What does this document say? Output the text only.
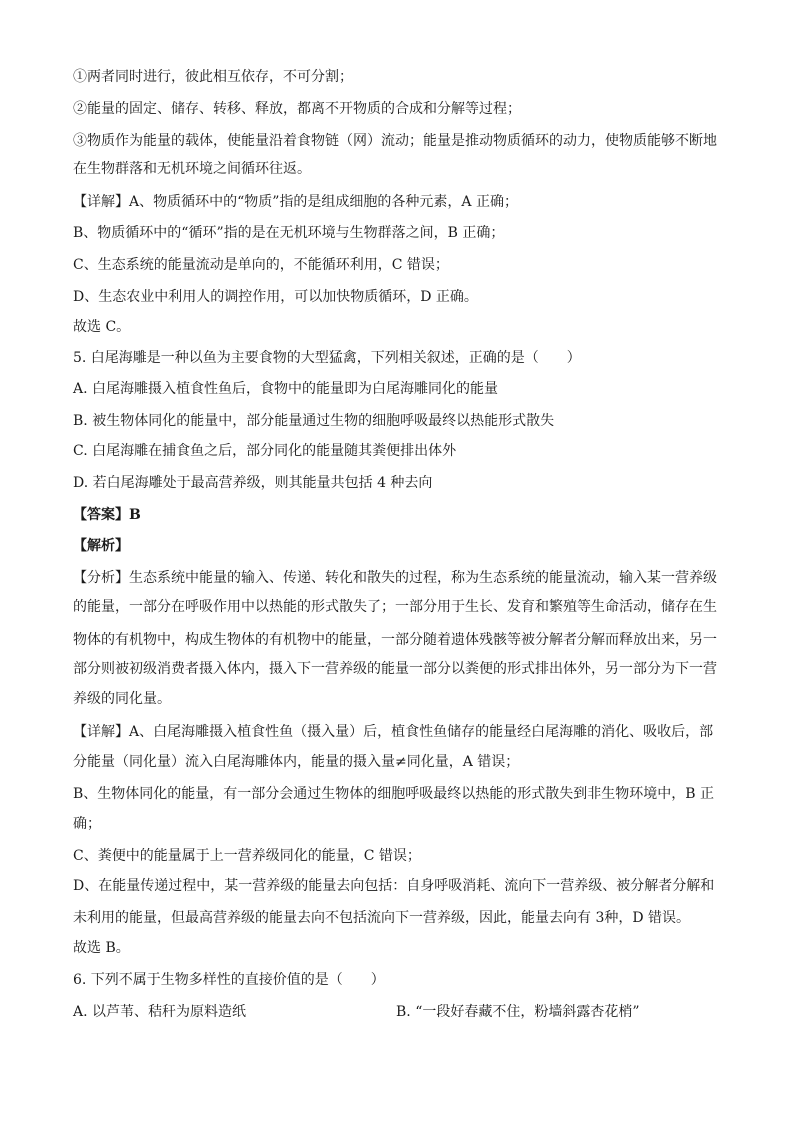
①两者同时进行，彼此相互依存，不可分割；
②能量的固定、储存、转移、释放，都离不开物质的合成和分解等过程；
③物质作为能量的载体，使能量沿着食物链（网）流动；能量是推动物质循环的动力，使物质能够不断地
在生物群落和无机环境之间循环往返。
【详解】A、物质循环中的“物质”指的是组成细胞的各种元素，A 正确；
B、物质循环中的“循环”指的是在无机环境与生物群落之间，B 正确；
C、生态系统的能量流动是单向的，不能循环利用，C 错误；
D、生态农业中利用人的调控作用，可以加快物质循环，D 正确。
故选 C。
5. 白尾海雕是一种以鱼为主要食物的大型猛禽，下列相关叙述，正确的是（　　）
A. 白尾海雕摄入植食性鱼后，食物中的能量即为白尾海雕同化的能量
B. 被生物体同化的能量中，部分能量通过生物的细胞呼吸最终以热能形式散失
C. 白尾海雕在捕食鱼之后，部分同化的能量随其粪便排出体外
D. 若白尾海雕处于最高营养级，则其能量共包括 4 种去向
【答案】B
【解析】
【分析】生态系统中能量的输入、传递、转化和散失的过程，称为生态系统的能量流动，输入某一营养级
的能量，一部分在呼吸作用中以热能的形式散失了；一部分用于生长、发育和繁殖等生命活动，储存在生
物体的有机物中，构成生物体的有机物中的能量，一部分随着遗体残骸等被分解者分解而释放出来，另一
部分则被初级消费者摄入体内，摄入下一营养级的能量一部分以粪便的形式排出体外，另一部分为下一营
养级的同化量。
【详解】A、白尾海雕摄入植食性鱼（摄入量）后，植食性鱼储存的能量经白尾海雕的消化、吸收后，部
分能量（同化量）流入白尾海雕体内，能量的摄入量≠同化量，A 错误；
B、生物体同化的能量，有一部分会通过生物体的细胞呼吸最终以热能的形式散失到非生物环境中，B 正
确；
C、粪便中的能量属于上一营养级同化的能量，C 错误；
D、在能量传递过程中，某一营养级的能量去向包括：自身呼吸消耗、流向下一营养级、被分解者分解和
未利用的能量，但最高营养级的能量去向不包括流向下一营养级，因此，能量去向有 3种，D 错误。
故选 B。
6. 下列不属于生物多样性的直接价值的是（　　）
A. 以芦苇、秸秆为原料造纸	B. “一段好春藏不住，粉墙斜露杏花梢”
